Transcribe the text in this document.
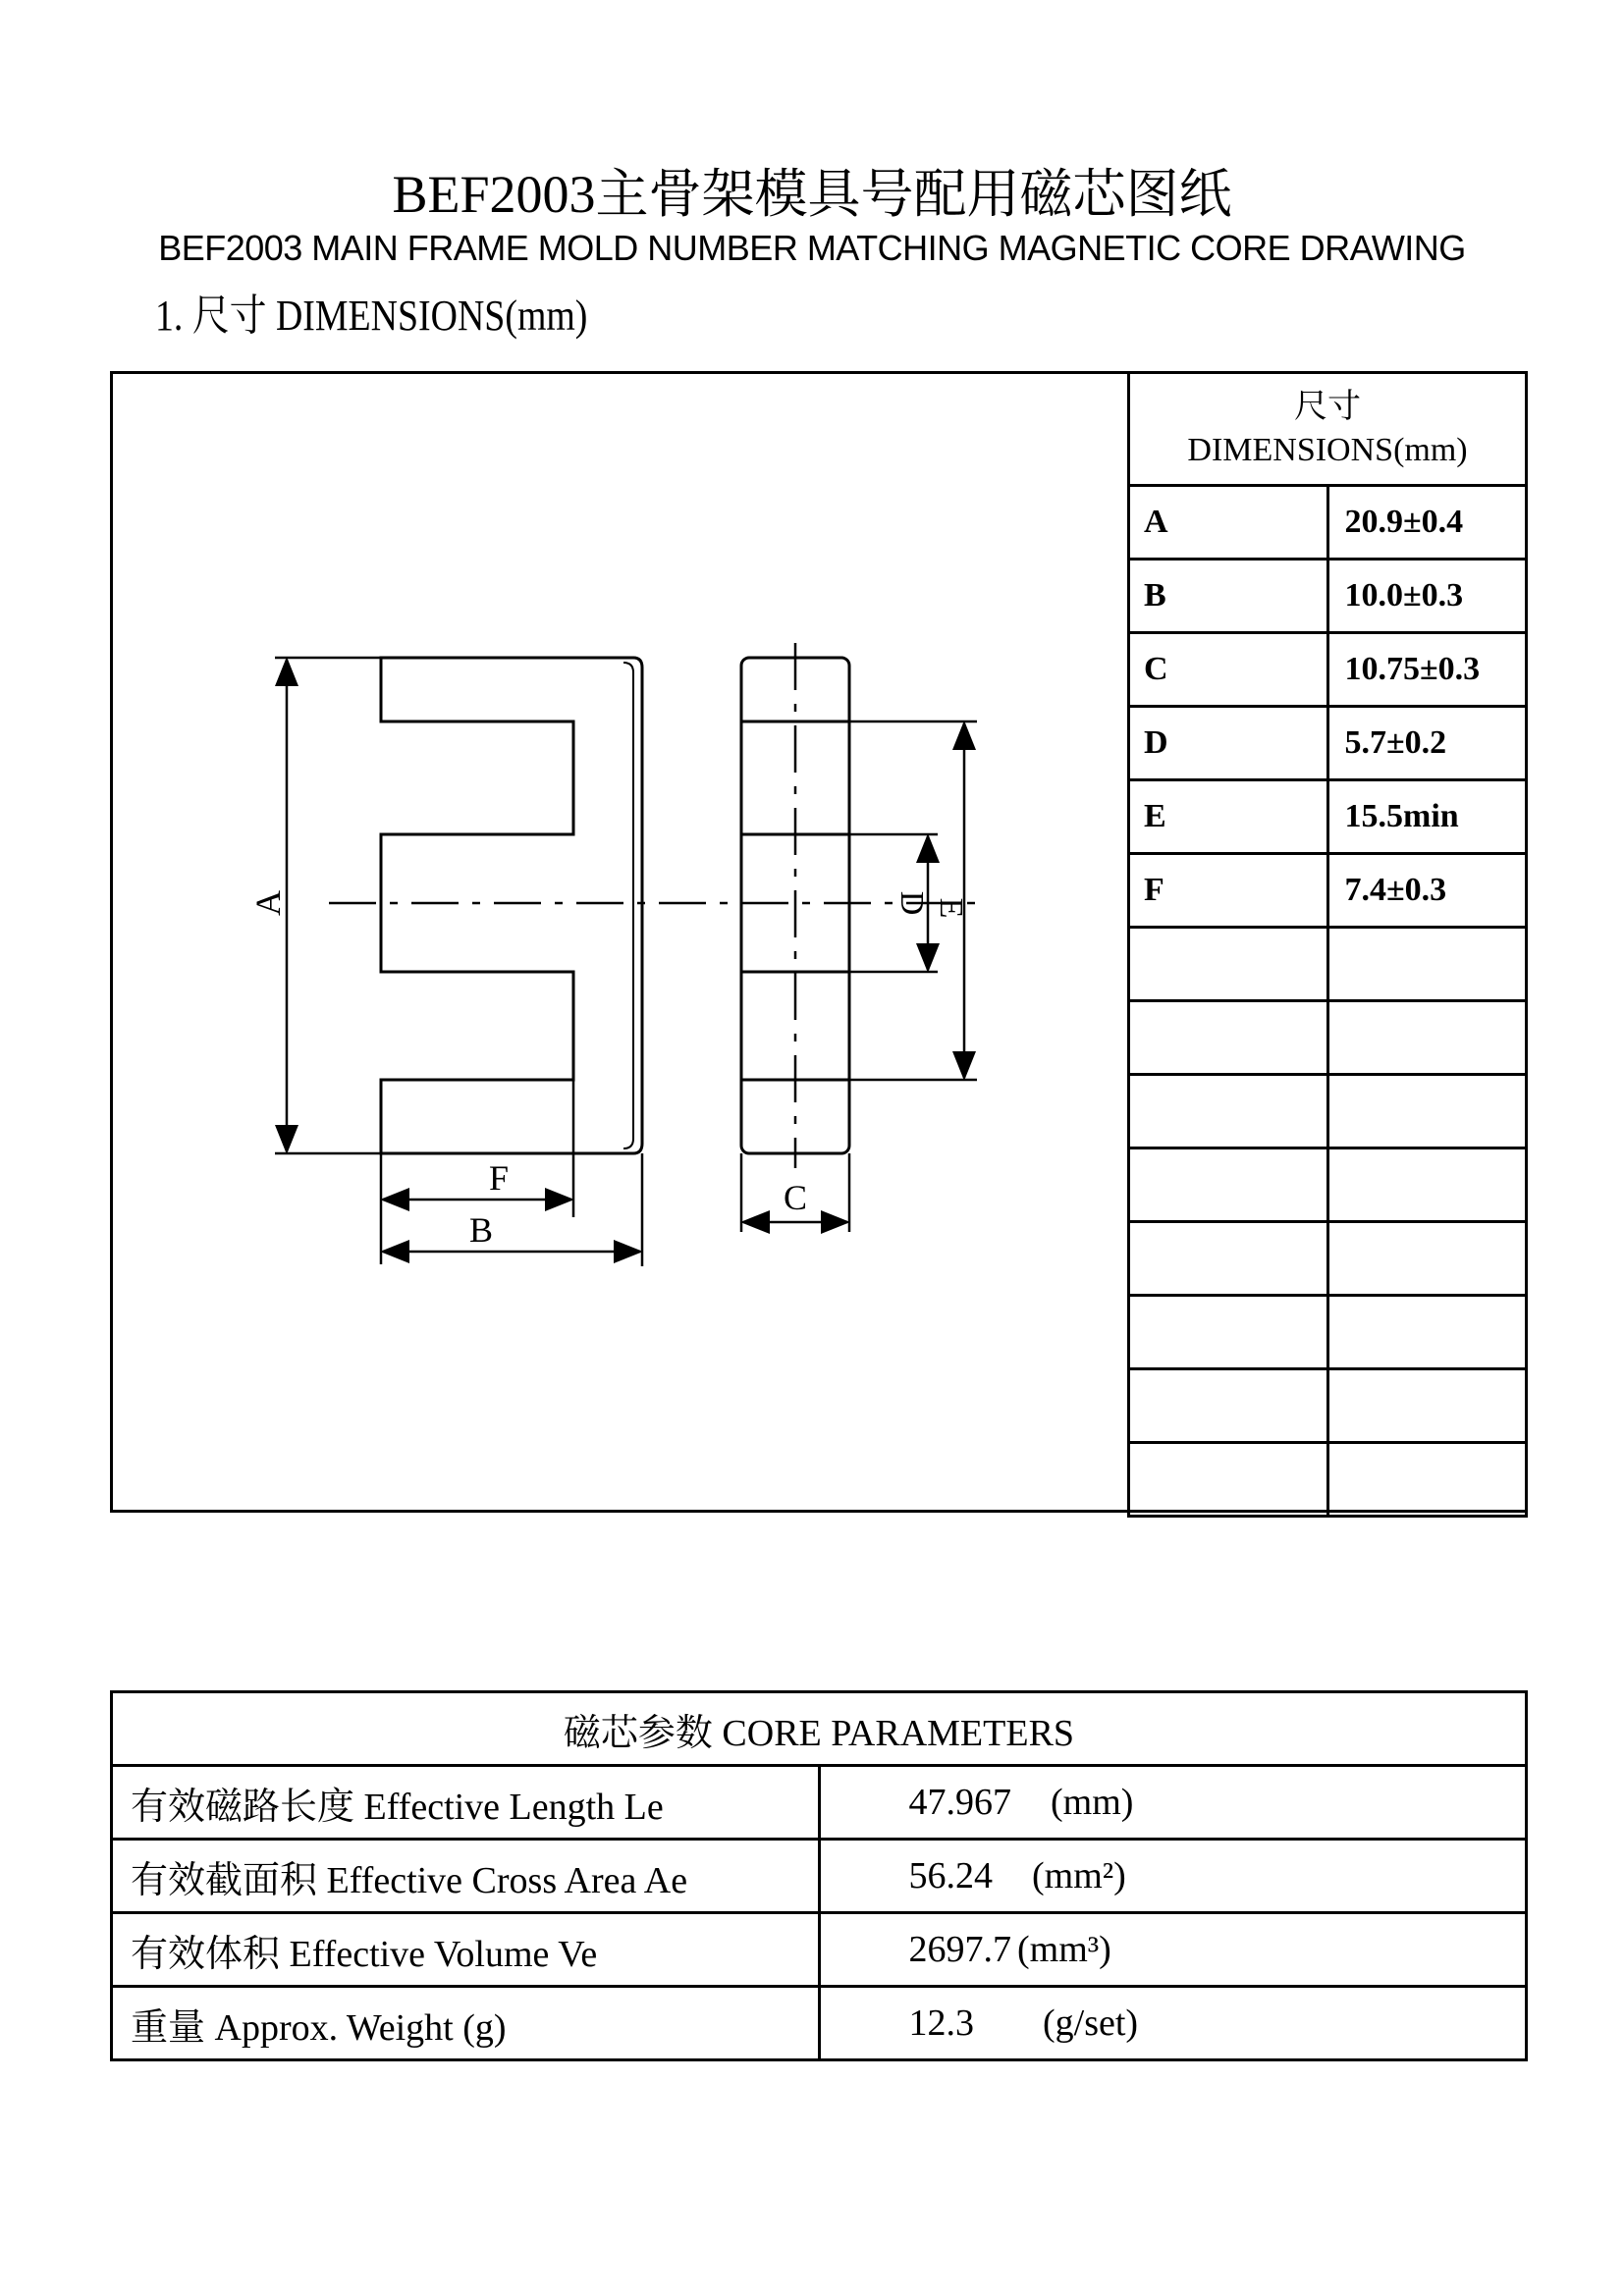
BEF2003主骨架模具号配用磁芯图纸
BEF2003 MAIN FRAME MOLD NUMBER MATCHING MAGNETIC CORE DRAWING
1. 尺寸 DIMENSIONS(mm)
A
F
B
C
D E
尺寸
DIMENSIONS(mm)	

A	20.9±0.4
B	10.0±0.3
C	10.75±0.3
D	5.7±0.2
E	15.5min
F	7.4±0.3

磁芯参数 CORE PARAMETERS	
有效磁路长度 Effective Length Le	47.967 (mm)
有效截面积 Effective Cross Area Ae	56.24 (mm²)
有效体积 Effective Volume Ve	2697.7 (mm³)
重量 Approx. Weight (g)	12.3 (g/set)
